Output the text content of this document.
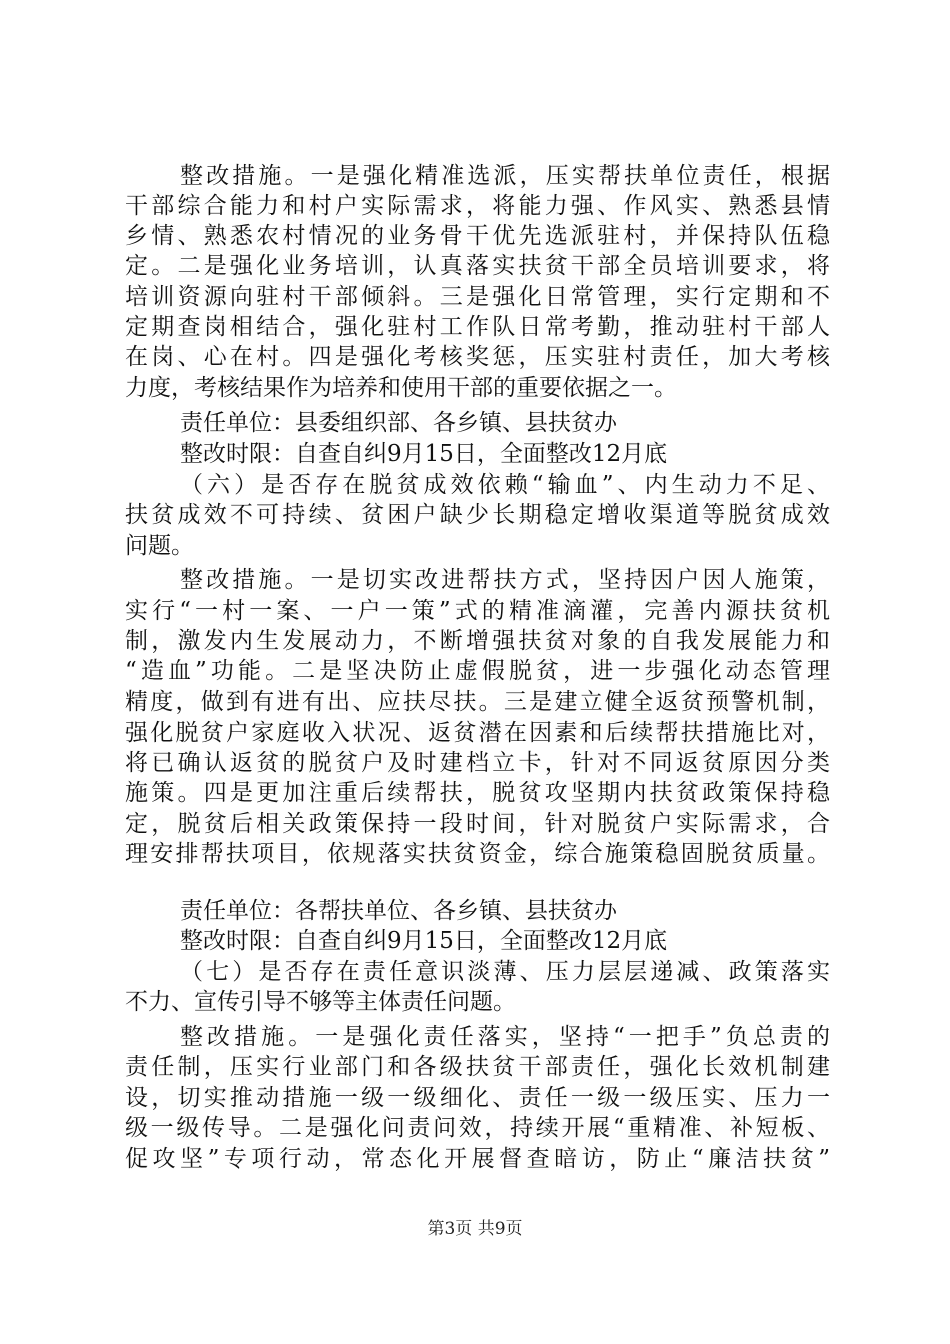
整改措施。一是强化精准选派，压实帮扶单位责任，根据
干部综合能力和村户实际需求，将能力强、作风实、熟悉县情
乡情、熟悉农村情况的业务骨干优先选派驻村，并保持队伍稳
定。二是强化业务培训，认真落实扶贫干部全员培训要求，将
培训资源向驻村干部倾斜。三是强化日常管理，实行定期和不
定期查岗相结合，强化驻村工作队日常考勤，推动驻村干部人
在岗、心在村。四是强化考核奖惩，压实驻村责任，加大考核
力度，考核结果作为培养和使用干部的重要依据之一。
责任单位：县委组织部、各乡镇、县扶贫办
整改时限：自查自纠9月15日，全面整改12月底
（六）是否存在脱贫成效依赖“输血”、内生动力不足、
扶贫成效不可持续、贫困户缺少长期稳定增收渠道等脱贫成效
问题。
整改措施。一是切实改进帮扶方式，坚持因户因人施策，
实行“一村一案、一户一策”式的精准滴灌，完善内源扶贫机
制，激发内生发展动力，不断增强扶贫对象的自我发展能力和
“造血”功能。二是坚决防止虚假脱贫，进一步强化动态管理
精度，做到有进有出、应扶尽扶。三是建立健全返贫预警机制，
强化脱贫户家庭收入状况、返贫潜在因素和后续帮扶措施比对，
将已确认返贫的脱贫户及时建档立卡，针对不同返贫原因分类
施策。四是更加注重后续帮扶，脱贫攻坚期内扶贫政策保持稳
定，脱贫后相关政策保持一段时间，针对脱贫户实际需求，合
理安排帮扶项目，依规落实扶贫资金，综合施策稳固脱贫质量。
责任单位：各帮扶单位、各乡镇、县扶贫办
整改时限：自查自纠9月15日，全面整改12月底
（七）是否存在责任意识淡薄、压力层层递减、政策落实
不力、宣传引导不够等主体责任问题。
整改措施。一是强化责任落实，坚持“一把手”负总责的
责任制，压实行业部门和各级扶贫干部责任，强化长效机制建
设，切实推动措施一级一级细化、责任一级一级压实、压力一
级一级传导。二是强化问责问效，持续开展“重精准、补短板、
促攻坚”专项行动，常态化开展督查暗访，防止“廉洁扶贫”
第3页 共9页
